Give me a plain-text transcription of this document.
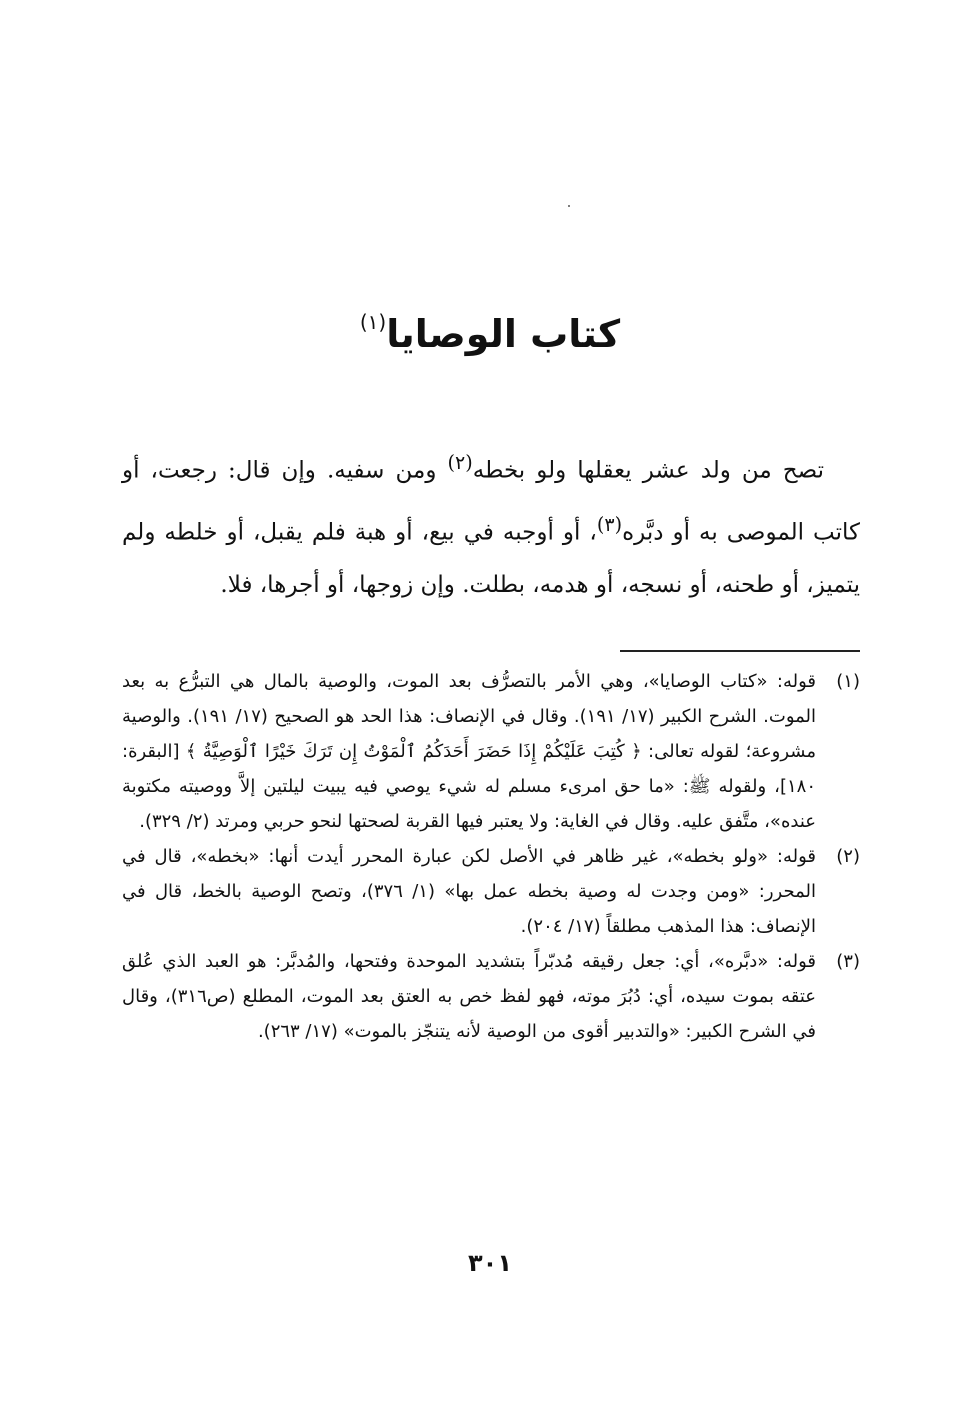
كتاب الوصايا$^{(١)}$

تصح من ولد عشر يعقلها ولو بخطه$^{(٢)}$ ومن سفيه. وإن قال: رجعت، أو كاتب الموصى به أو دبَّره$^{(٣)}$، أو أوجبه في بيع، أو هبة فلم يقبل، أو خلطه ولم يتميز، أو طحنه، أو نسجه، أو هدمه، بطلت. وإن زوجها، أو أجرها، فلا.

(١)
قوله: «كتاب الوصايا»، وهي الأمر بالتصرُّف بعد الموت، والوصية بالمال هي التبرُّع به بعد الموت. الشرح الكبير (١٧/ ١٩١). وقال في الإنصاف: هذا الحد هو الصحيح (١٧/ ١٩١). والوصية مشروعة؛ لقوله تعالى: ﴿ كُتِبَ عَلَيْكُمْ إِذَا حَضَرَ أَحَدَكُمُ ٱلْمَوْتُ إِن تَرَكَ خَيْرًا ٱلْوَصِيَّةُ ﴾ [البقرة: ١٨٠]، ولقوله ﷺ: «ما حق امرىء مسلم له شيء يوصي فيه يبيت ليلتين إلاَّ ووصيته مكتوبة عنده»، متَّفق عليه. وقال في الغاية: ولا يعتبر فيها القربة لصحتها لنحو حربي ومرتد (٢/ ٣٢٩).
(٢)
قوله: «ولو بخطه»، غير ظاهر في الأصل لكن عبارة المحرر أيدت أنها: «بخطه»، قال في المحرر: «ومن وجدت له وصية بخطه عمل بها» (١/ ٣٧٦)، وتصح الوصية بالخط، قال في الإنصاف: هذا المذهب مطلقاً (١٧/ ٢٠٤).
(٣)
قوله: «دبَّره»، أي: جعل رقيقه مُدبّراً بتشديد الموحدة وفتحها، والمُدبَّر: هو العبد الذي عُلق عتقه بموت سيده، أي: دُبُرَ موته، فهو لفظ خص به العتق بعد الموت، المطلع (ص٣١٦)، وقال في الشرح الكبير: «والتدبير أقوى من الوصية لأنه يتنجّز بالموت» (١٧/ ٢٦٣).
٣٠١
